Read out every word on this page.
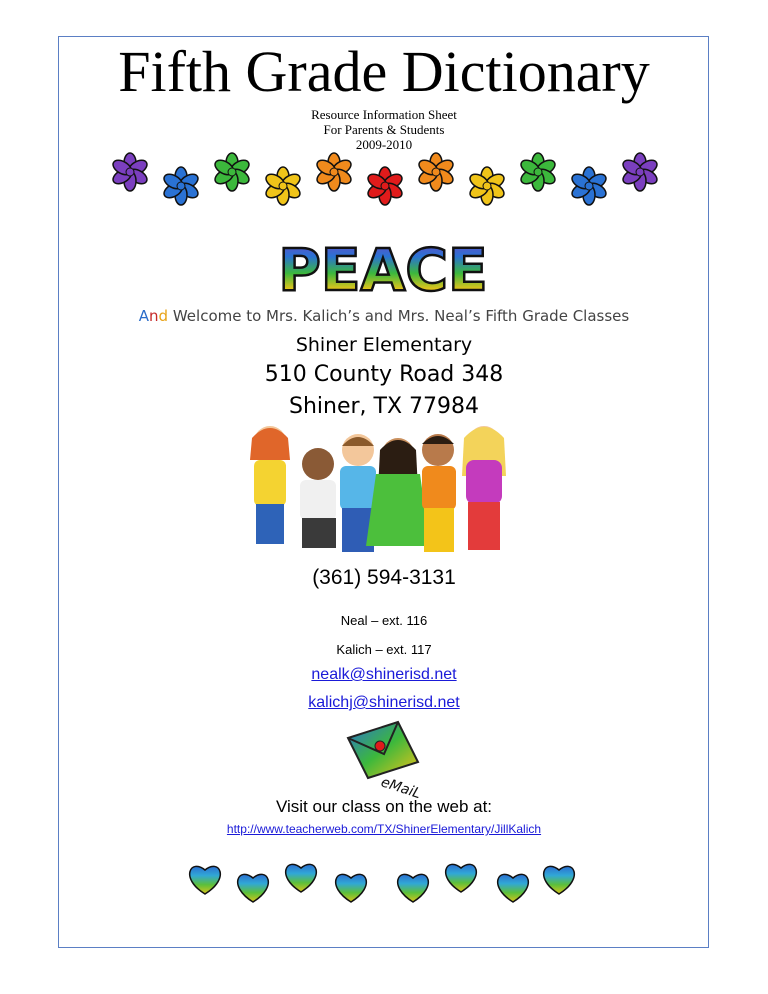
Fifth Grade Dictionary
Resource Information Sheet
For Parents & Students
2009-2010
PEACE
And Welcome to Mrs. Kalich’s and Mrs. Neal’s Fifth Grade Classes
Shiner Elementary
510 County Road 348
Shiner, TX 77984
(361) 594-3131
Neal – ext. 116
Kalich – ext. 117
nealk@shinerisd.net
kalichj@shinerisd.net
eMaiL
Visit our class on the web at:
http://www.teacherweb.com/TX/ShinerElementary/JillKalich
